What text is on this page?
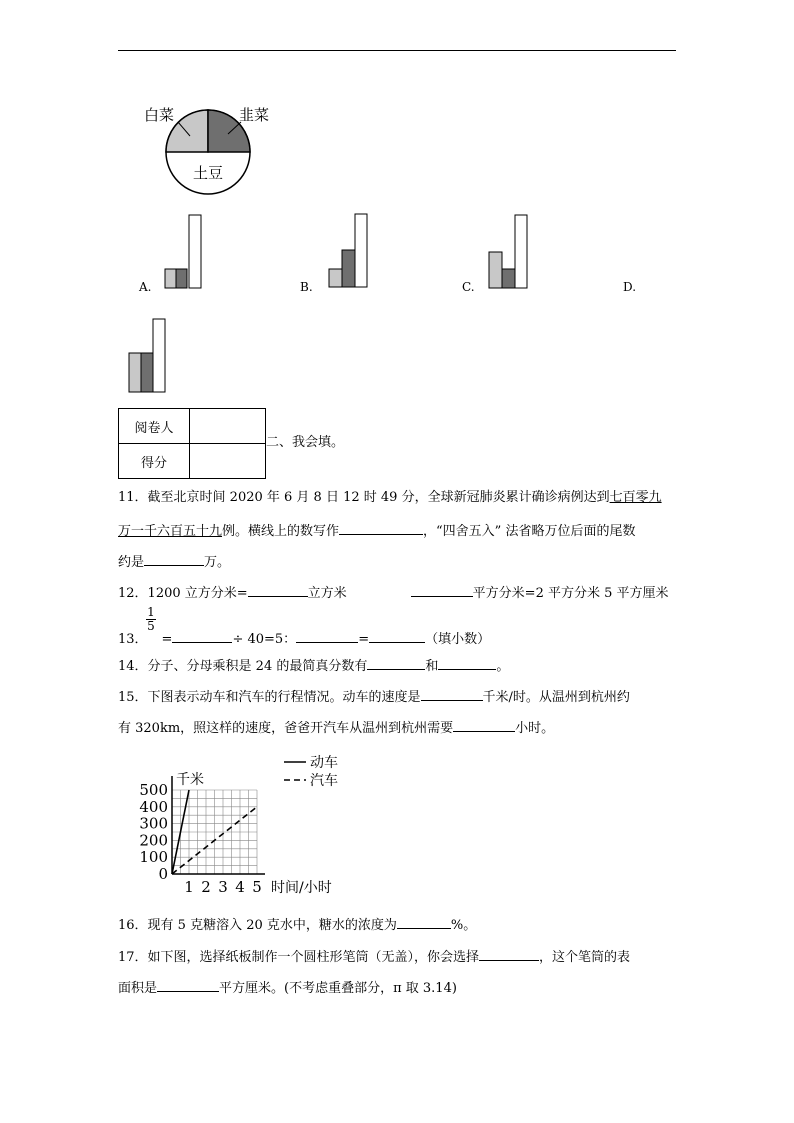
白菜	韭菜
土豆
A.	B.	C.	D.
阅卷人	
得分	
二、我会填。
11．截至北京时间 2020 年 6 月 8 日 12 时 49 分，全球新冠肺炎累计确诊病例达到七百零九
万一千六百五十九例。横线上的数写作	，“四舍五入” 法省略万位后面的尾数
约是	万。
12．1200 立方分米=	立方米	平方分米=2 平方分米 5 平方厘米
$\frac{1}{5}$
13． =	÷ 40=5：	=	（填小数）
14．分子、分母乘积是 24 的最简真分数有	和	。
15．下图表示动车和汽车的行程情况。动车的速度是	千米/时。从温州到杭州约
有 320km，照这样的速度，爸爸开汽车从温州到杭州需要	小时。
0
100
200
300
400
500
1 2 3 4 5
千米
时间/小时
动车
汽车
16．现有 5 克糖溶入 20 克水中，糖水的浓度为	%。
17．如下图，选择纸板制作一个圆柱形笔筒（无盖），你会选择	，这个笔筒的表
面积是	平方厘米。(不考虑重叠部分，π 取 3.14)
